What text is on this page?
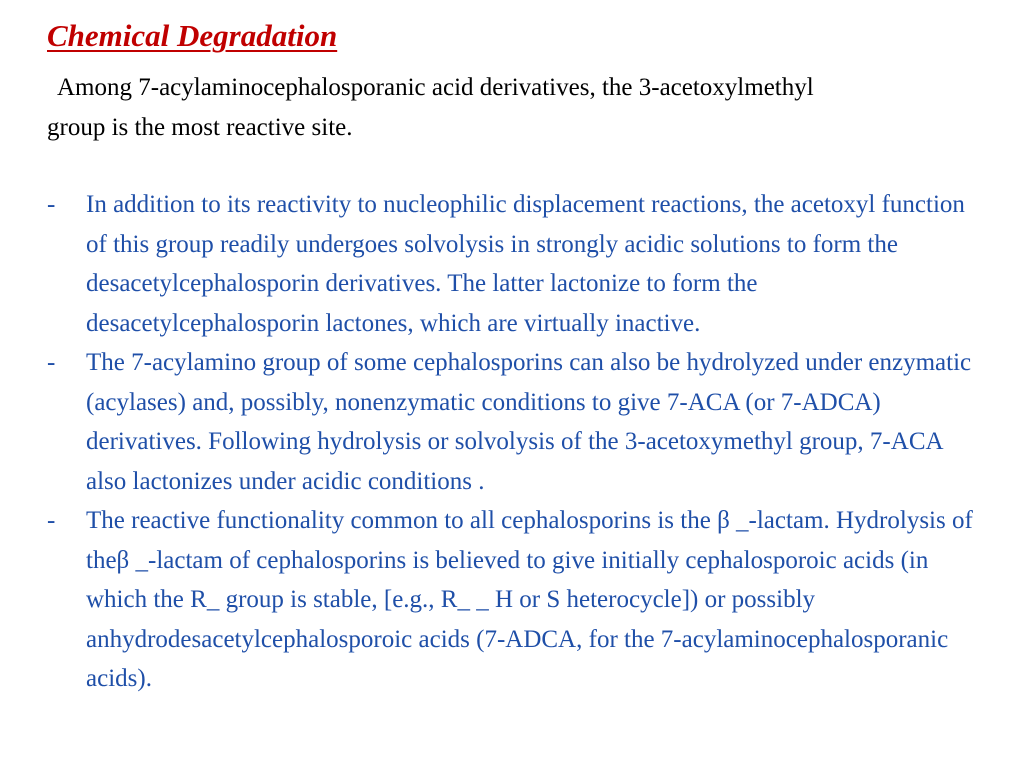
Chemical Degradation

Among 7-acylaminocephalosporanic acid derivatives, the 3-acetoxylmethyl
group is the most reactive site.

-	In addition to its reactivity to nucleophilic displacement reactions, the acetoxyl function of this group readily undergoes solvolysis in strongly acidic solutions to form the desacetylcephalosporin derivatives. The latter lactonize to form the desacetylcephalosporin lactones, which are virtually inactive.
-	The 7-acylamino group of some cephalosporins can also be hydrolyzed under enzymatic (acylases) and, possibly, nonenzymatic conditions to give 7-ACA (or 7-ADCA) derivatives. Following hydrolysis or solvolysis of the 3-acetoxymethyl group, 7-ACA also lactonizes under acidic conditions .
-	The reactive functionality common to all cephalosporins is the β _-lactam. Hydrolysis of theβ _-lactam of cephalosporins is believed to give initially cephalosporoic acids (in which the R_ group is stable, [e.g., R_ _ H or S heterocycle]) or possibly anhydrodesacetylcephalosporoic acids (7-ADCA, for the 7-acylaminocephalosporanic acids).
